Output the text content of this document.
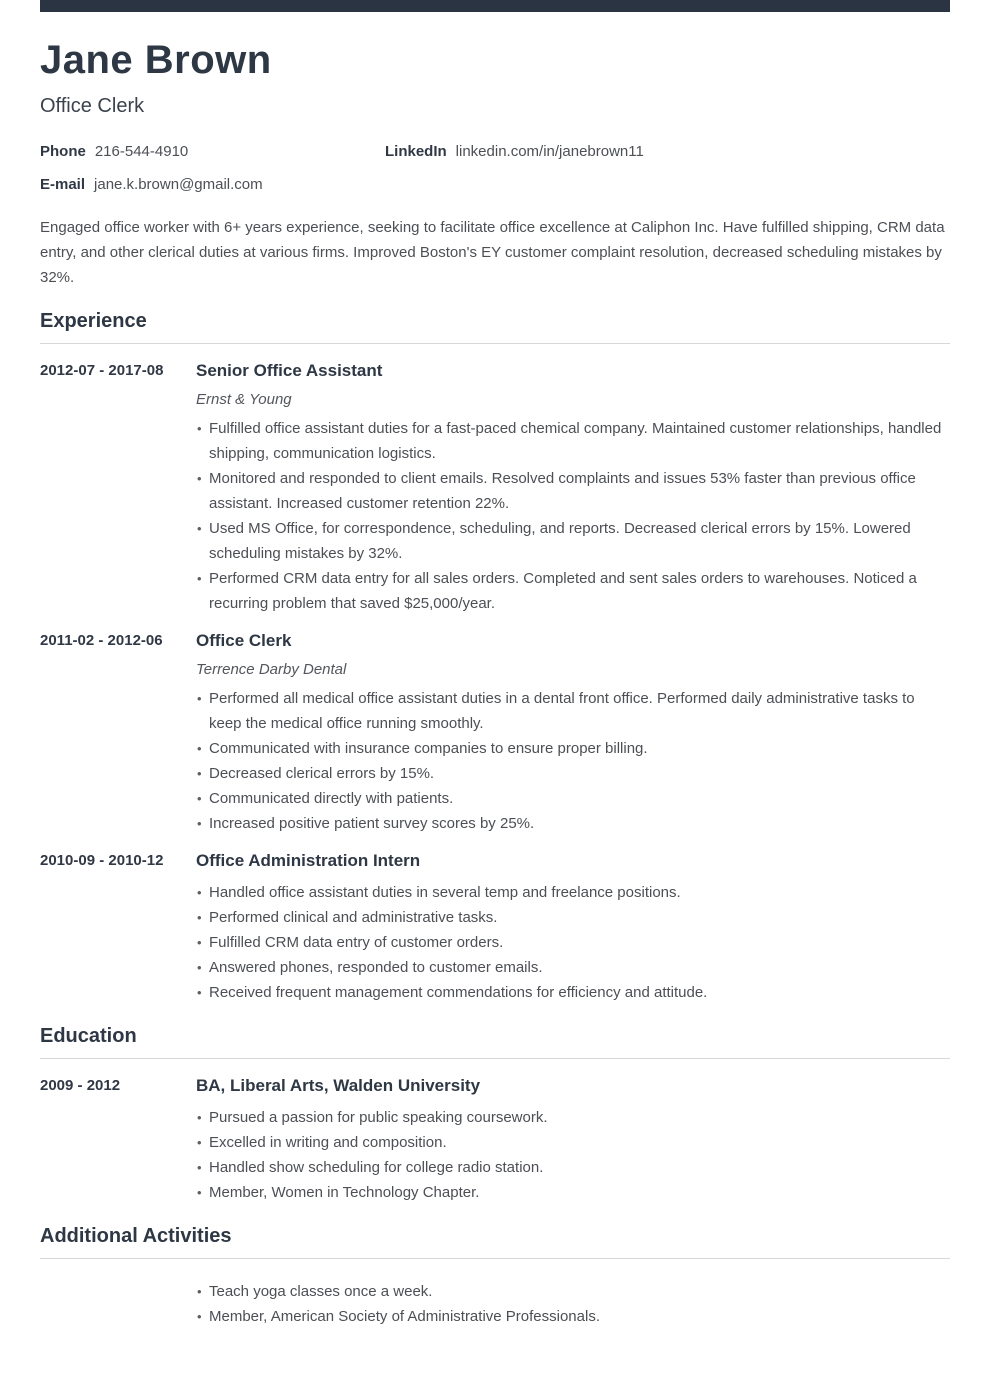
Jane Brown
Office Clerk
Phone 216-544-4910	LinkedIn linkedin.com/in/janebrown11
E-mail jane.k.brown@gmail.com

Engaged office worker with 6+ years experience, seeking to facilitate office excellence at Caliphon Inc. Have fulfilled shipping, CRM data entry, and other clerical duties at various firms. Improved Boston's EY customer complaint resolution, decreased scheduling mistakes by 32%.

Experience
2012-07 - 2017-08	Senior Office Assistant
Ernst & Young
• Fulfilled office assistant duties for a fast-paced chemical company. Maintained customer relationships, handled shipping, communication logistics.
• Monitored and responded to client emails. Resolved complaints and issues 53% faster than previous office assistant. Increased customer retention 22%.
• Used MS Office, for correspondence, scheduling, and reports. Decreased clerical errors by 15%. Lowered scheduling mistakes by 32%.
• Performed CRM data entry for all sales orders. Completed and sent sales orders to warehouses. Noticed a recurring problem that saved $25,000/year.
2011-02 - 2012-06	Office Clerk
Terrence Darby Dental
• Performed all medical office assistant duties in a dental front office. Performed daily administrative tasks to keep the medical office running smoothly.
• Communicated with insurance companies to ensure proper billing.
• Decreased clerical errors by 15%.
• Communicated directly with patients.
• Increased positive patient survey scores by 25%.
2010-09 - 2010-12	Office Administration Intern
• Handled office assistant duties in several temp and freelance positions.
• Performed clinical and administrative tasks.
• Fulfilled CRM data entry of customer orders.
• Answered phones, responded to customer emails.
• Received frequent management commendations for efficiency and attitude.
Education
2009 - 2012	BA, Liberal Arts, Walden University
• Pursued a passion for public speaking coursework.
• Excelled in writing and composition.
• Handled show scheduling for college radio station.
• Member, Women in Technology Chapter.
Additional Activities
• Teach yoga classes once a week.
• Member, American Society of Administrative Professionals.
